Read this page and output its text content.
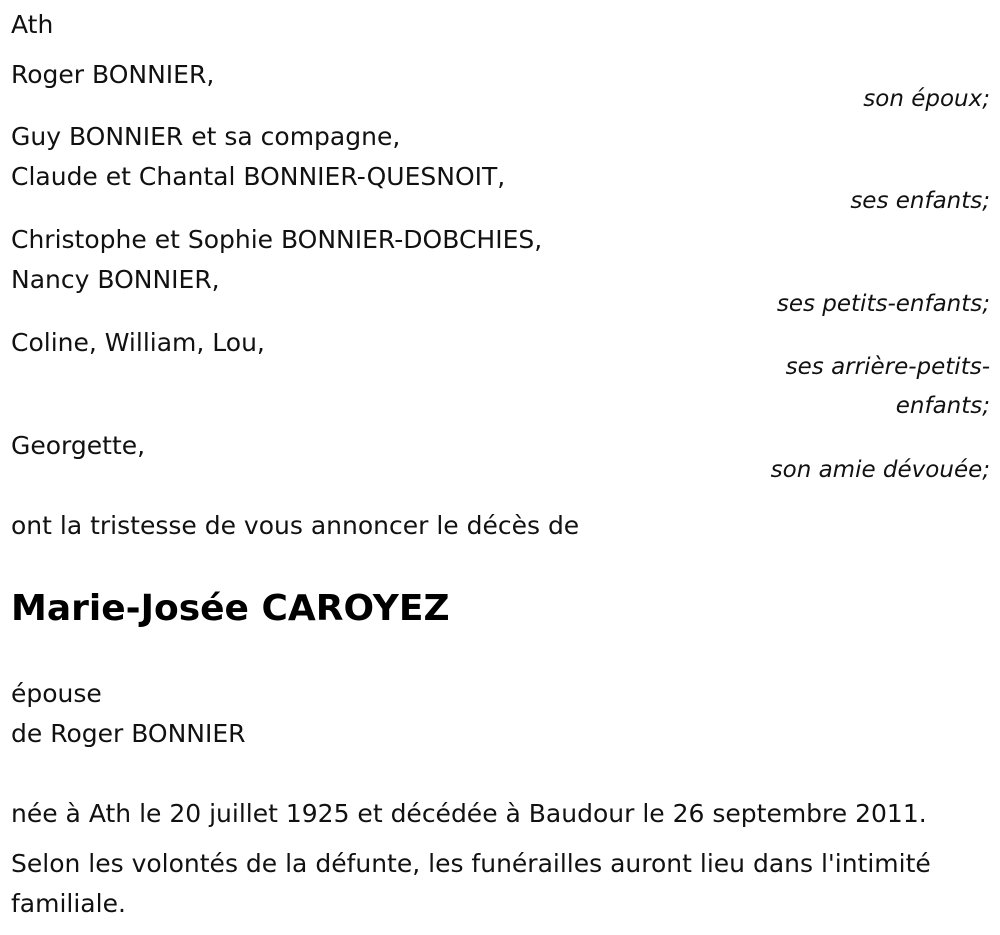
Ath

Roger BONNIER,

son époux;

Guy BONNIER et sa compagne,

Claude et Chantal BONNIER-QUESNOIT,

ses enfants;

Christophe et Sophie BONNIER-DOBCHIES,

Nancy BONNIER,

ses petits-enfants;

Coline, William, Lou,

ses arrière-petits-

enfants;

Georgette,

son amie dévouée;

ont la tristesse de vous annoncer le décès de

Marie-Josée CAROYEZ

épouse

de Roger BONNIER

née à Ath le 20 juillet 1925 et décédée à Baudour le 26 septembre 2011.

Selon les volontés de la défunte, les funérailles auront lieu dans l'intimité

familiale.
